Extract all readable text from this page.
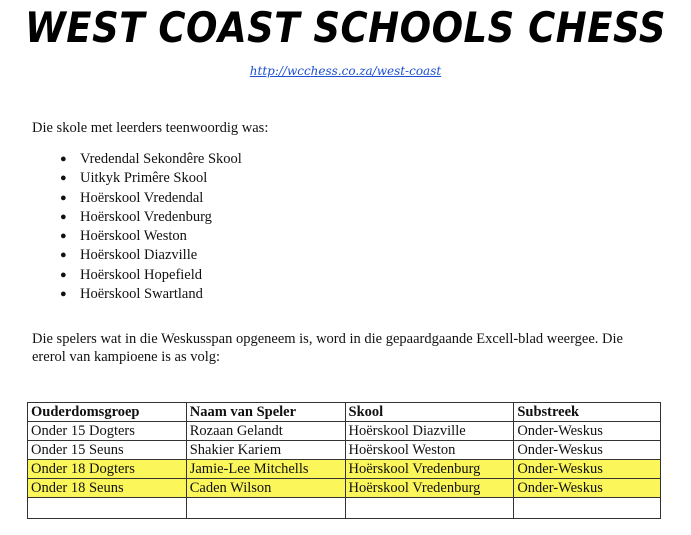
WEST COAST SCHOOLS CHESS
http://wcchess.co.za/west-coast
Die skole met leerders teenwoordig was:
● Vredendal Sekondêre Skool
● Uitkyk Primêre Skool
● Hoërskool Vredendal
● Hoërskool Vredenburg
● Hoërskool Weston
● Hoërskool Diazville
● Hoërskool Hopefield
● Hoërskool Swartland
Die spelers wat in die Weskusspan opgeneem is, word in die gepaardgaande Excell-blad weergee. Die ererol van kampioene is as volg:
Ouderdomsgroep	Naam van Speler	Skool	Substreek
Onder 15 Dogters	Rozaan Gelandt	Hoërskool Diazville	Onder-Weskus
Onder 15 Seuns	Shakier Kariem	Hoërskool Weston	Onder-Weskus
Onder 18 Dogters	Jamie-Lee Mitchells	Hoërskool Vredenburg	Onder-Weskus
Onder 18 Seuns	Caden Wilson	Hoërskool Vredenburg	Onder-Weskus
